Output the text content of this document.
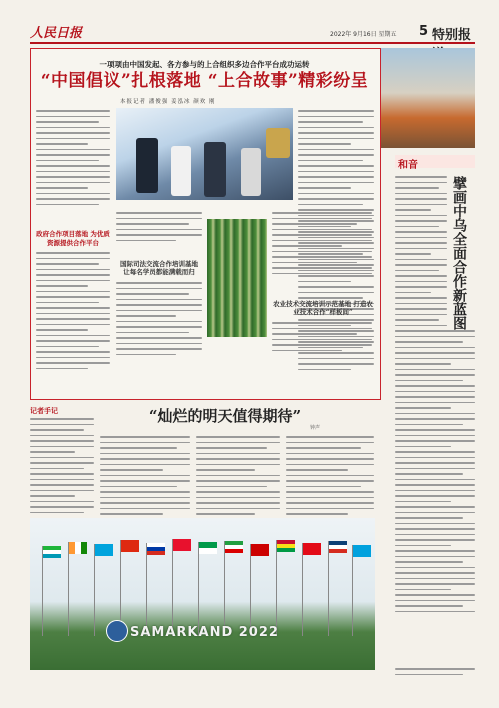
人民日报	2022年 9月16日 星期五 5 特别报
一项项由中国发起、各方参与的上合组织多边合作平台成功运转
“中国倡议”扎根落地 “上合故事”精彩纷呈
本报记者 潘俊强 姜泓冰 颜欢 刚
政府合作项目落地 为优质资源提供合作平台
国际司法交流合作培训基地 让每名学员都能满载而归
农业技术交流培训示范基地 打造农业技术合作“样板间”
和音
擘画中乌全面合作新蓝图
记者手记	“灿烂的明天值得期待”
钟声
SAMARKAND 2022
